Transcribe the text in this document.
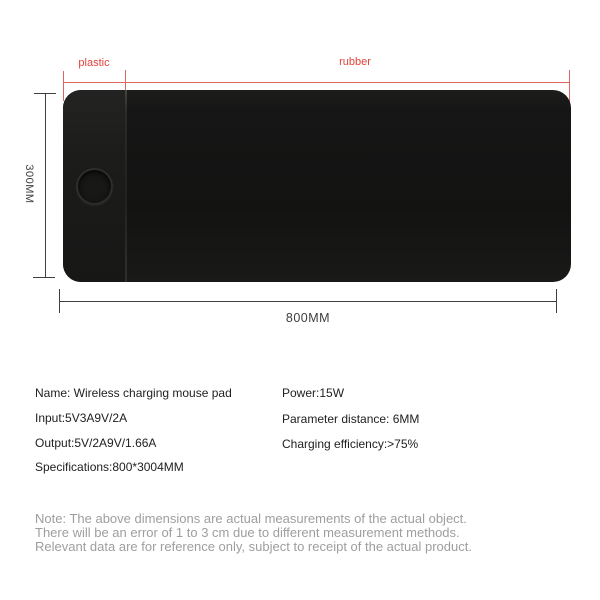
plastic	rubber
300MM
800MM
Name: Wireless charging mouse pad
Input:5V3A9V/2A
Output:5V/2A9V/1.66A
Specifications:800*3004MM
Power:15W
Parameter distance: 6MM
Charging efficiency:>75%
Note: The above dimensions are actual measurements of the actual object.
There will be an error of 1 to 3 cm due to different measurement methods.
Relevant data are for reference only, subject to receipt of the actual product.
